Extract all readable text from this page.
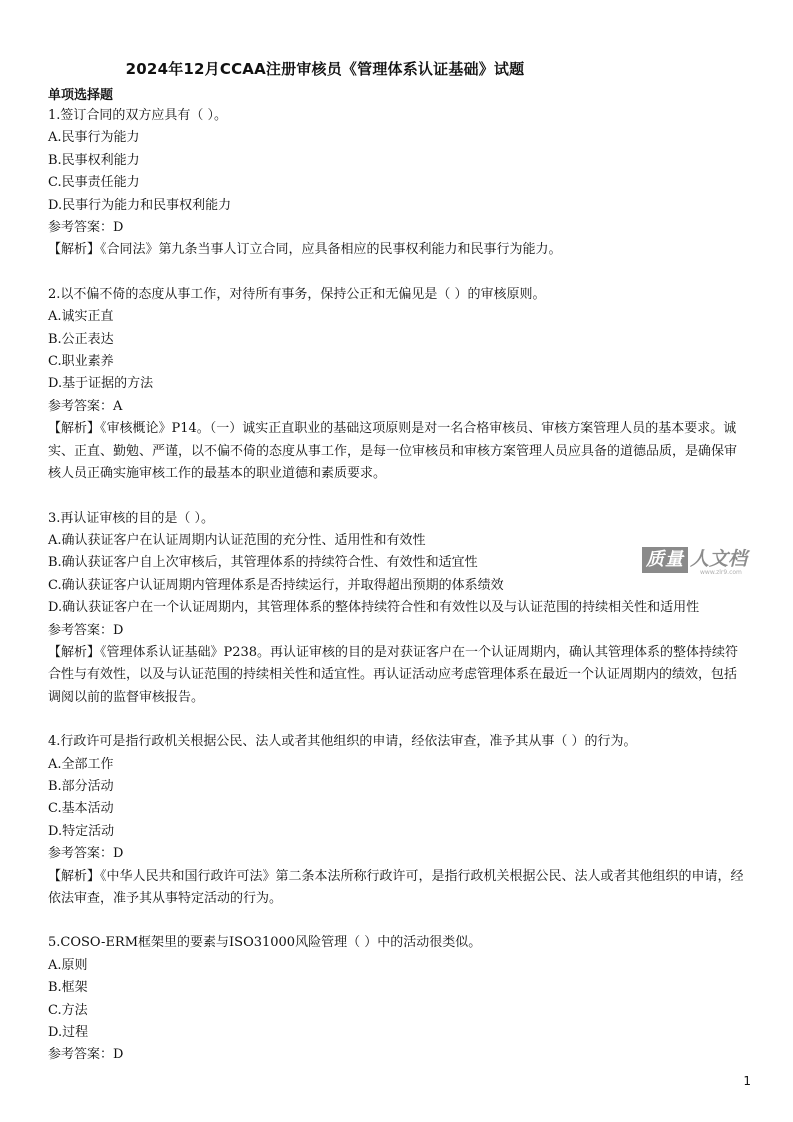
2024年12月CCAA注册审核员《管理体系认证基础》试题
单项选择题
1.签订合同的双方应具有（ ）。
A.民事行为能力
B.民事权利能力
C.民事责任能力
D.民事行为能力和民事权利能力
参考答案：D
【解析】《合同法》第九条当事人订立合同，应具备相应的民事权利能力和民事行为能力。
2.以不偏不倚的态度从事工作，对待所有事务，保持公正和无偏见是（ ）的审核原则。
A.诚实正直
B.公正表达
C.职业素养
D.基于证据的方法
参考答案：A
【解析】《审核概论》P14。（一）诚实正直职业的基础这项原则是对一名合格审核员、审核方案管理人员的基本要求。诚实、正直、勤勉、严谨，以不偏不倚的态度从事工作，是每一位审核员和审核方案管理人员应具备的道德品质，是确保审核人员正确实施审核工作的最基本的职业道德和素质要求。
3.再认证审核的目的是（ ）。
A.确认获证客户在认证周期内认证范围的充分性、适用性和有效性
B.确认获证客户自上次审核后，其管理体系的持续符合性、有效性和适宜性
C.确认获证客户认证周期内管理体系是否持续运行，并取得超出预期的体系绩效
D.确认获证客户在一个认证周期内，其管理体系的整体持续符合性和有效性以及与认证范围的持续相关性和适用性
参考答案：D
【解析】《管理体系认证基础》P238。再认证审核的目的是对获证客户在一个认证周期内，确认其管理体系的整体持续符合性与有效性，以及与认证范围的持续相关性和适宜性。再认证活动应考虑管理体系在最近一个认证周期内的绩效，包括调阅以前的监督审核报告。
4.行政许可是指行政机关根据公民、法人或者其他组织的申请，经依法审查，准予其从事（ ）的行为。
A.全部工作
B.部分活动
C.基本活动
D.特定活动
参考答案：D
【解析】《中华人民共和国行政许可法》第二条本法所称行政许可，是指行政机关根据公民、法人或者其他组织的申请，经依法审查，准予其从事特定活动的行为。
5.COSO-ERM框架里的要素与ISO31000风险管理（ ）中的活动很类似。
A.原则
B.框架
C.方法
D.过程
参考答案：D
质量 人文档
www.zlr9.com
1
